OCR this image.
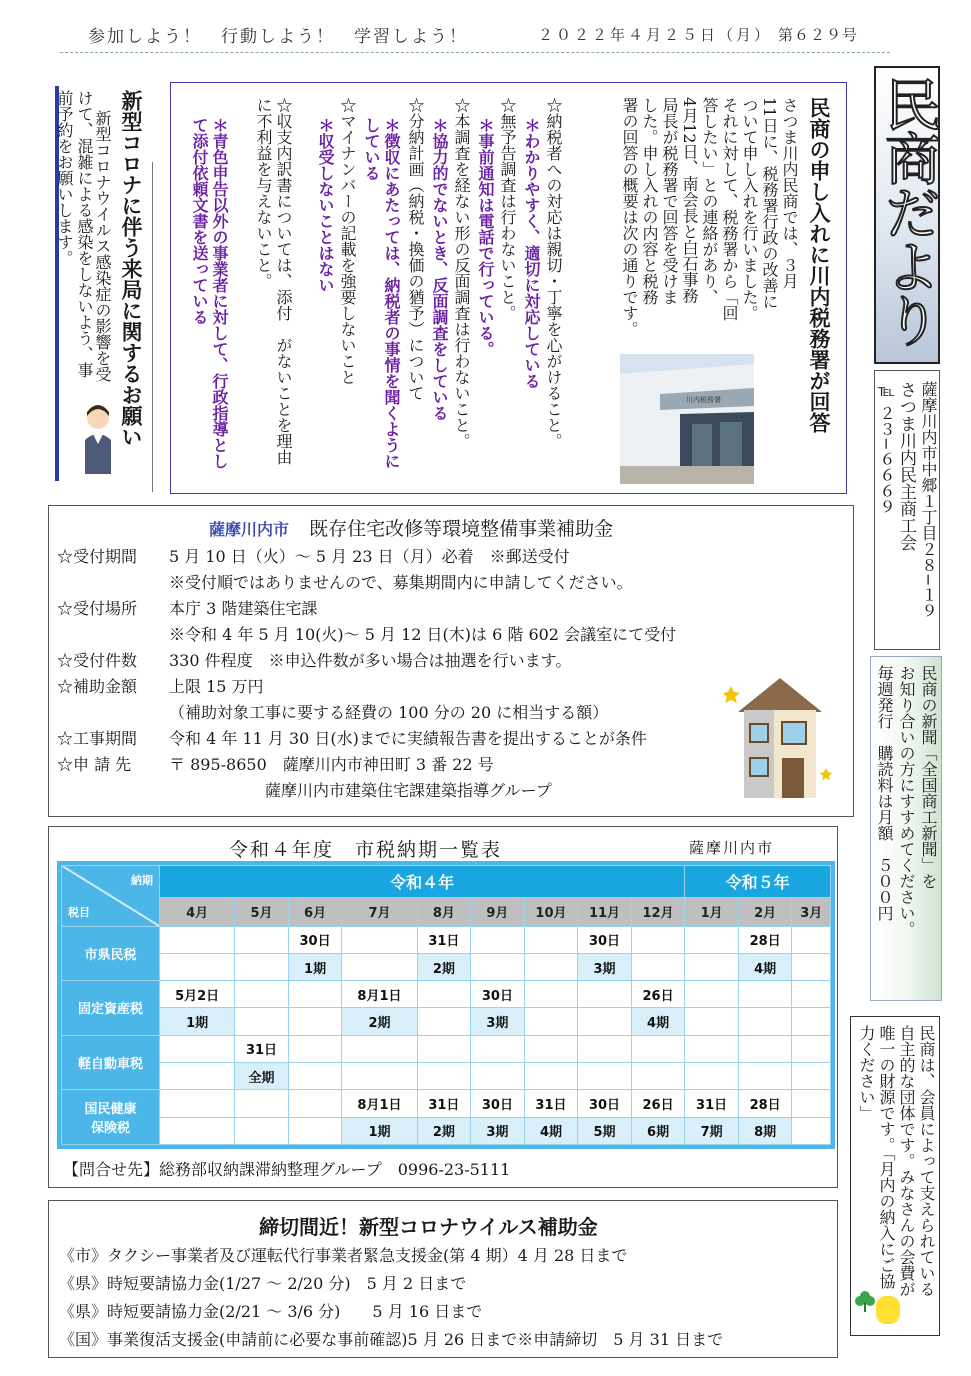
参加しよう！　行動しよう！　学習しよう！	２０２２年４月２５日（月） 第６２９号
民商だより
薩摩川内市中郷１丁目２８−１９
さつま川内民主商工会
℡ ２３−６６６９
民商の新聞「全国商工新聞」を
お知り合いの方にすすめてください。
毎週発行　購読料は月額　５００円
民商は、会員によって支えられている
自主的な団体です。みなさんの会費が
唯一の財源です。「月内の納入にご協
力ください」
新型コロナに伴う来局に関するお願い
新型コロナウイルス感染症の影響を受
けて、混雑による感染をしないよう、事
前予約をお願いします。	民商の申し入れに川内税務署が回答
さつま川内民商では、３月
11日に、税務署行政の改善に
ついて申し入れを行いました。
それに対して、税務署から「回
答したい」との連絡があり、
4月12日、南会長と白石事務
局長が税務署で回答を受けま
した。申し入れの内容と税務
署の回答の概要は次の通りです。
☆納税者への対応は親切・丁寧を心がけること。
＊わかりやすく、適切に対応している
☆無予告調査は行わないこと。
＊事前通知は電話で行っている。
☆本調査を経ない形の反面調査は行わないこと。
＊協力的でないとき、反面調査をしている
☆分納計画（納税・換価の猶予）について
＊徴収にあたっては、納税者の事情を聞くようにしている
☆マイナンバーの記載を強要しないこと
＊収受しないことはない
☆収支内訳書については、添付　がないことを理由に不利益を与えないこと。
＊青色申告以外の事業者に対して、行政指導として添付依頼文書を送っている
川内税務署
薩摩川内市 既存住宅改修等環境整備事業補助金
☆受付期間 5 月 10 日（火）～ 5 月 23 日（月）必着　※郵送受付
※受付順ではありませんので、募集期間内に申請してください。
☆受付場所 本庁 3 階建築住宅課
※令和 4 年 5 月 10(火)～ 5 月 12 日(木)は 6 階 602 会議室にて受付
☆受付件数 330 件程度　※申込件数が多い場合は抽選を行います。
☆補助金額 上限 15 万円
（補助対象工事に要する経費の 100 分の 20 に相当する額）
☆工事期間 令和 4 年 11 月 30 日(水)までに実績報告書を提出することが条件
☆申 請 先 〒 895-8650　薩摩川内市神田町 3 番 22 号
　　　　　　薩摩川内市建築住宅課建築指導グループ
令和４年度　市税納期一覧表	薩摩川内市
納期
税目	令和４年									令和５年		
	4月	5月	6月	7月	8月	9月	10月	11月	12月	1月	2月	3月
市県民税			30日		31日			30日			28日	
			1期		2期			3期			4期	
固定資産税	5月2日			8月1日		30日			26日			
	1期			2期		3期			4期			
軽自動車税		31日										
		全期										

国民健康
保険税				8月1日	31日	30日	31日	30日	26日	31日	28日	
				1期	2期	3期	4期	5期	6期	7期	8期	
【問合せ先】総務部収納課滞納整理グループ　0996-23-5111
締切間近！新型コロナウイルス補助金
《市》タクシー事業者及び運転代行事業者緊急支援金(第 4 期）4 月 28 日まで
《県》時短要請協力金(1/27 ～ 2/20 分)　5 月 2 日まで
《県》時短要請協力金(2/21 ～ 3/6 分)　　5 月 16 日まで
《国》事業復活支援金(申請前に必要な事前確認)5 月 26 日まで※申請締切　5 月 31 日まで
